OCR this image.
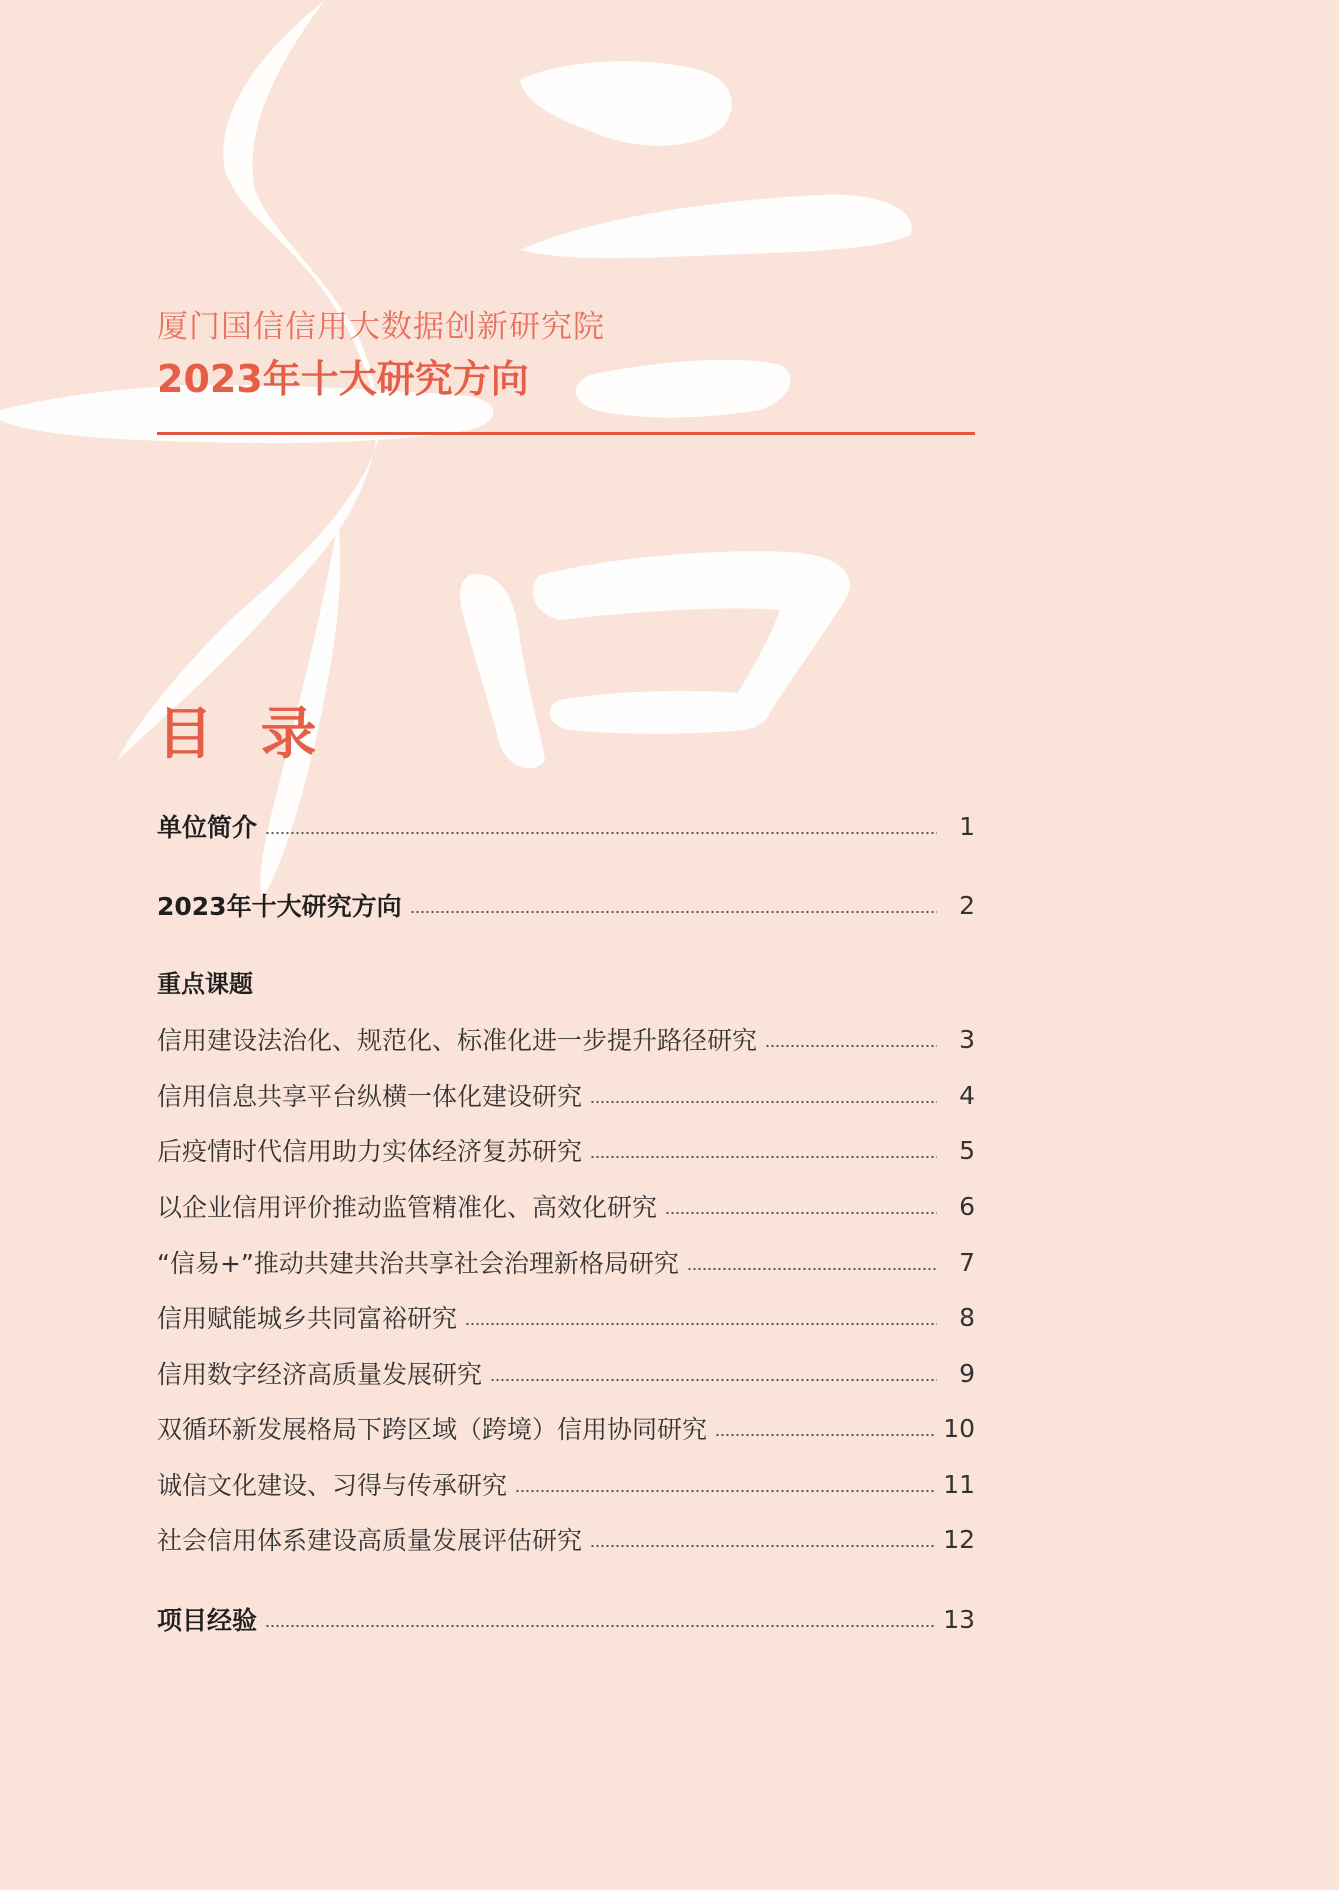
厦门国信信用大数据创新研究院
2023年十大研究方向
目 录
单位简介	1
2023年十大研究方向	2
重点课题
信用建设法治化、规范化、标准化进一步提升路径研究	3
信用信息共享平台纵横一体化建设研究	4
后疫情时代信用助力实体经济复苏研究	5
以企业信用评价推动监管精准化、高效化研究	6
“信易+”推动共建共治共享社会治理新格局研究	7
信用赋能城乡共同富裕研究	8
信用数字经济高质量发展研究	9
双循环新发展格局下跨区域（跨境）信用协同研究	10
诚信文化建设、习得与传承研究	11
社会信用体系建设高质量发展评估研究	12
项目经验	13
